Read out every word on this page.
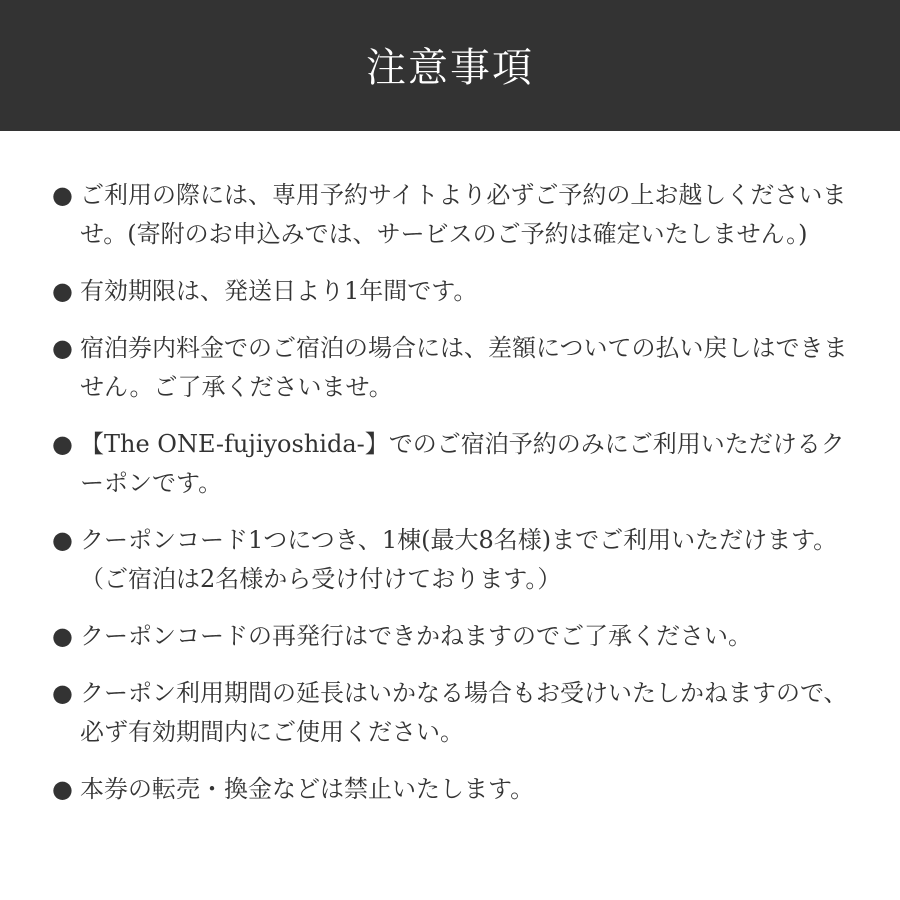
注意事項
● ご利用の際には、専用予約サイトより必ずご予約の上お越しくださいませ。(寄附のお申込みでは、サービスのご予約は確定いたしません。)
● 有効期限は、発送日より1年間です。
● 宿泊券内料金でのご宿泊の場合には、差額についての払い戻しはできません。ご了承くださいませ。
● 【The ONE-fujiyoshida-】でのご宿泊予約のみにご利用いただけるクーポンです。
● クーポンコード1つにつき、1棟(最大8名様)までご利用いただけます。（ご宿泊は2名様から受け付けております。）
● クーポンコードの再発行はできかねますのでご了承ください。
● クーポン利用期間の延長はいかなる場合もお受けいたしかねますので、必ず有効期間内にご使用ください。
● 本券の転売・換金などは禁止いたします。
